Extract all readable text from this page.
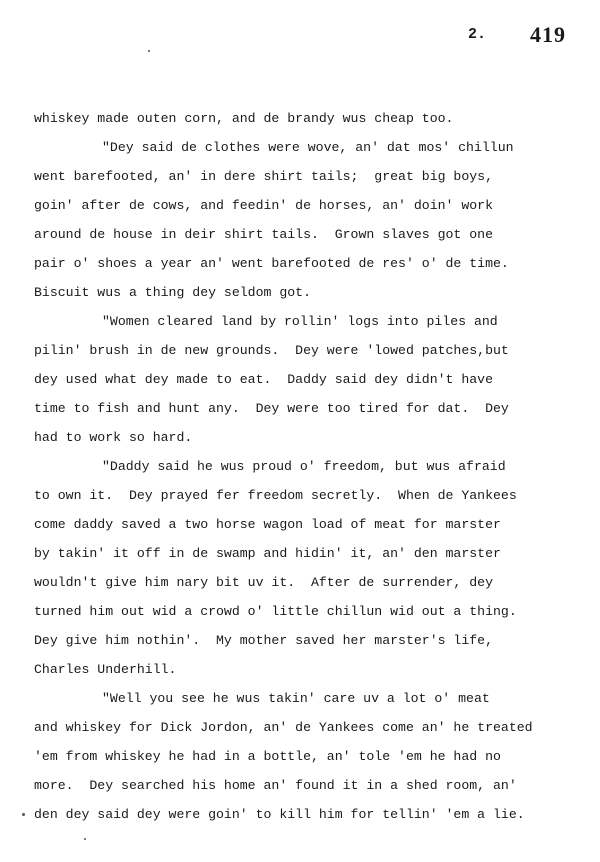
2. 419
whiskey made outen corn, and de brandy wus cheap too.
"Dey said de clothes were wove, an' dat mos' chillun
went barefooted, an' in dere shirt tails;  great big boys,
goin' after de cows, and feedin' de horses, an' doin' work
around de house in deir shirt tails.  Grown slaves got one
pair o' shoes a year an' went barefooted de res' o' de time.
Biscuit wus a thing dey seldom got.
"Women cleared land by rollin' logs into piles and
pilin' brush in de new grounds.  Dey were 'lowed patches,but
dey used what dey made to eat.  Daddy said dey didn't have
time to fish and hunt any.  Dey were too tired for dat.  Dey
had to work so hard.
"Daddy said he wus proud o' freedom, but wus afraid
to own it.  Dey prayed fer freedom secretly.  When de Yankees
come daddy saved a two horse wagon load of meat for marster
by takin' it off in de swamp and hidin' it, an' den marster
wouldn't give him nary bit uv it.  After de surrender, dey
turned him out wid a crowd o' little chillun wid out a thing.
Dey give him nothin'.  My mother saved her marster's life,
Charles Underhill.
"Well you see he wus takin' care uv a lot o' meat
and whiskey for Dick Jordon, an' de Yankees come an' he treated
'em from whiskey he had in a bottle, an' tole 'em he had no
more.  Dey searched his home an' found it in a shed room, an'
den dey said dey were goin' to kill him for tellin' 'em a lie.
